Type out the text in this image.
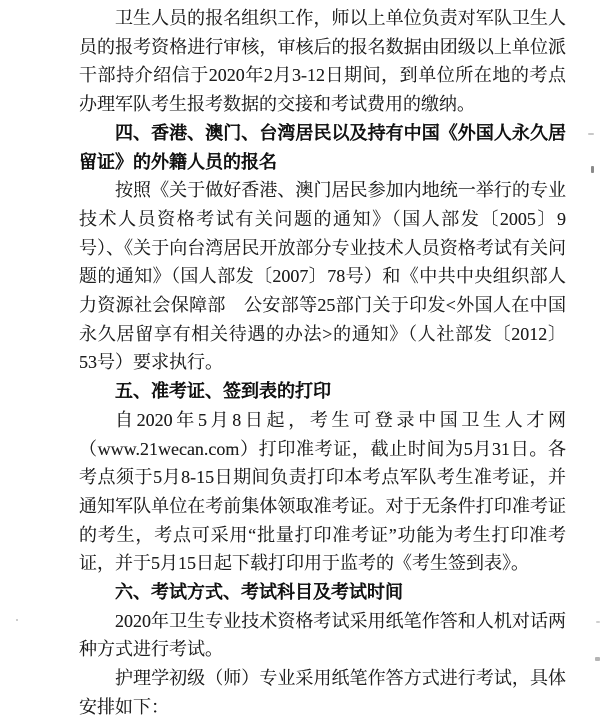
卫生人员的报名组织工作，师以上单位负责对军队卫生人员的报考资格进行审核，审核后的报名数据由团级以上单位派干部持介绍信于2020年2月3-12日期间，到单位所在地的考点办理军队考生报考数据的交接和考试费用的缴纳。

四、香港、澳门、台湾居民以及持有中国《外国人永久居留证》的外籍人员的报名

按照《关于做好香港、澳门居民参加内地统一举行的专业技术人员资格考试有关问题的通知》（国人部发〔2005〕9号）、《关于向台湾居民开放部分专业技术人员资格考试有关问题的通知》（国人部发〔2007〕78号）和《中共中央组织部人力资源社会保障部　公安部等25部门关于印发<外国人在中国永久居留享有相关待遇的办法>的通知》（人社部发〔2012〕53号）要求执行。

五、准考证、签到表的打印

自2020年5月8日起，考生可登录中国卫生人才网（www.21wecan.com）打印准考证，截止时间为5月31日。各考点须于5月8-15日期间负责打印本考点军队考生准考证，并通知军队单位在考前集体领取准考证。对于无条件打印准考证的考生，考点可采用“批量打印准考证”功能为考生打印准考证，并于5月15日起下载打印用于监考的《考生签到表》。

六、考试方式、考试科目及考试时间

2020年卫生专业技术资格考试采用纸笔作答和人机对话两种方式进行考试。

护理学初级（师）专业采用纸笔作答方式进行考试，具体安排如下：
